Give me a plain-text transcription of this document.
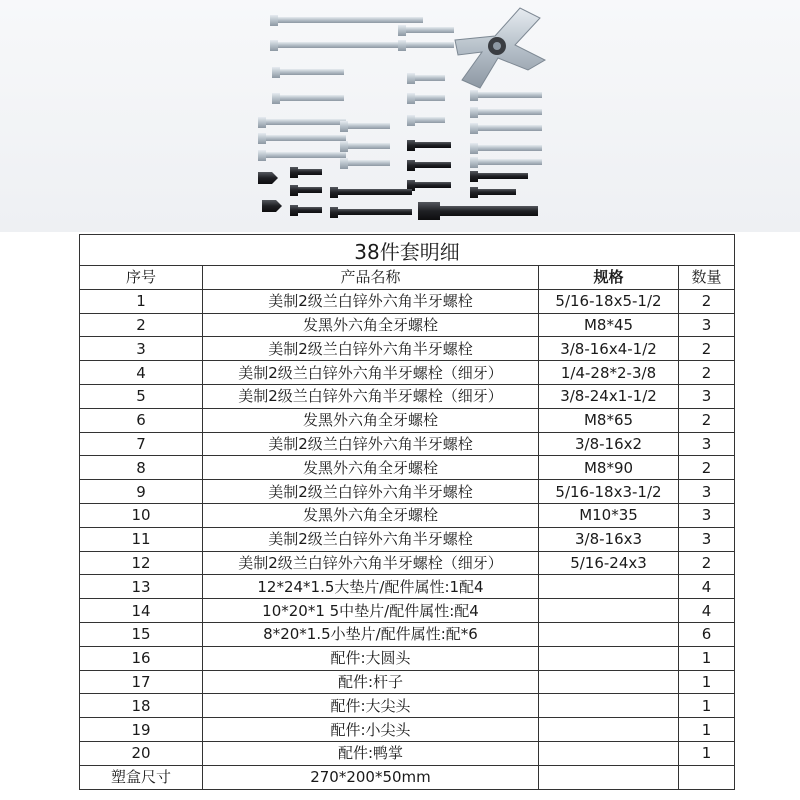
38件套明细			
序号	产品名称	规格	数量
1	美制2级兰白锌外六角半牙螺栓	5/16-18x5-1/2	2
2	发黑外六角全牙螺栓	M8*45	3
3	美制2级兰白锌外六角半牙螺栓	3/8-16x4-1/2	2
4	美制2级兰白锌外六角半牙螺栓（细牙）	1/4-28*2-3/8	2
5	美制2级兰白锌外六角半牙螺栓（细牙）	3/8-24x1-1/2	3
6	发黑外六角全牙螺栓	M8*65	2
7	美制2级兰白锌外六角半牙螺栓	3/8-16x2	3
8	发黑外六角全牙螺栓	M8*90	2
9	美制2级兰白锌外六角半牙螺栓	5/16-18x3-1/2	3
10	发黑外六角全牙螺栓	M10*35	3
11	美制2级兰白锌外六角半牙螺栓	3/8-16x3	3
12	美制2级兰白锌外六角半牙螺栓（细牙）	5/16-24x3	2
13	12*24*1.5大垫片/配件属性:1配4		4
14	10*20*1 5中垫片/配件属性:配4		4
15	8*20*1.5小垫片/配件属性:配*6		6
16	配件:大圆头		1
17	配件:杆子		1
18	配件:大尖头		1
19	配件:小尖头		1
20	配件:鸭掌		1
塑盒尺寸	270*200*50mm		
